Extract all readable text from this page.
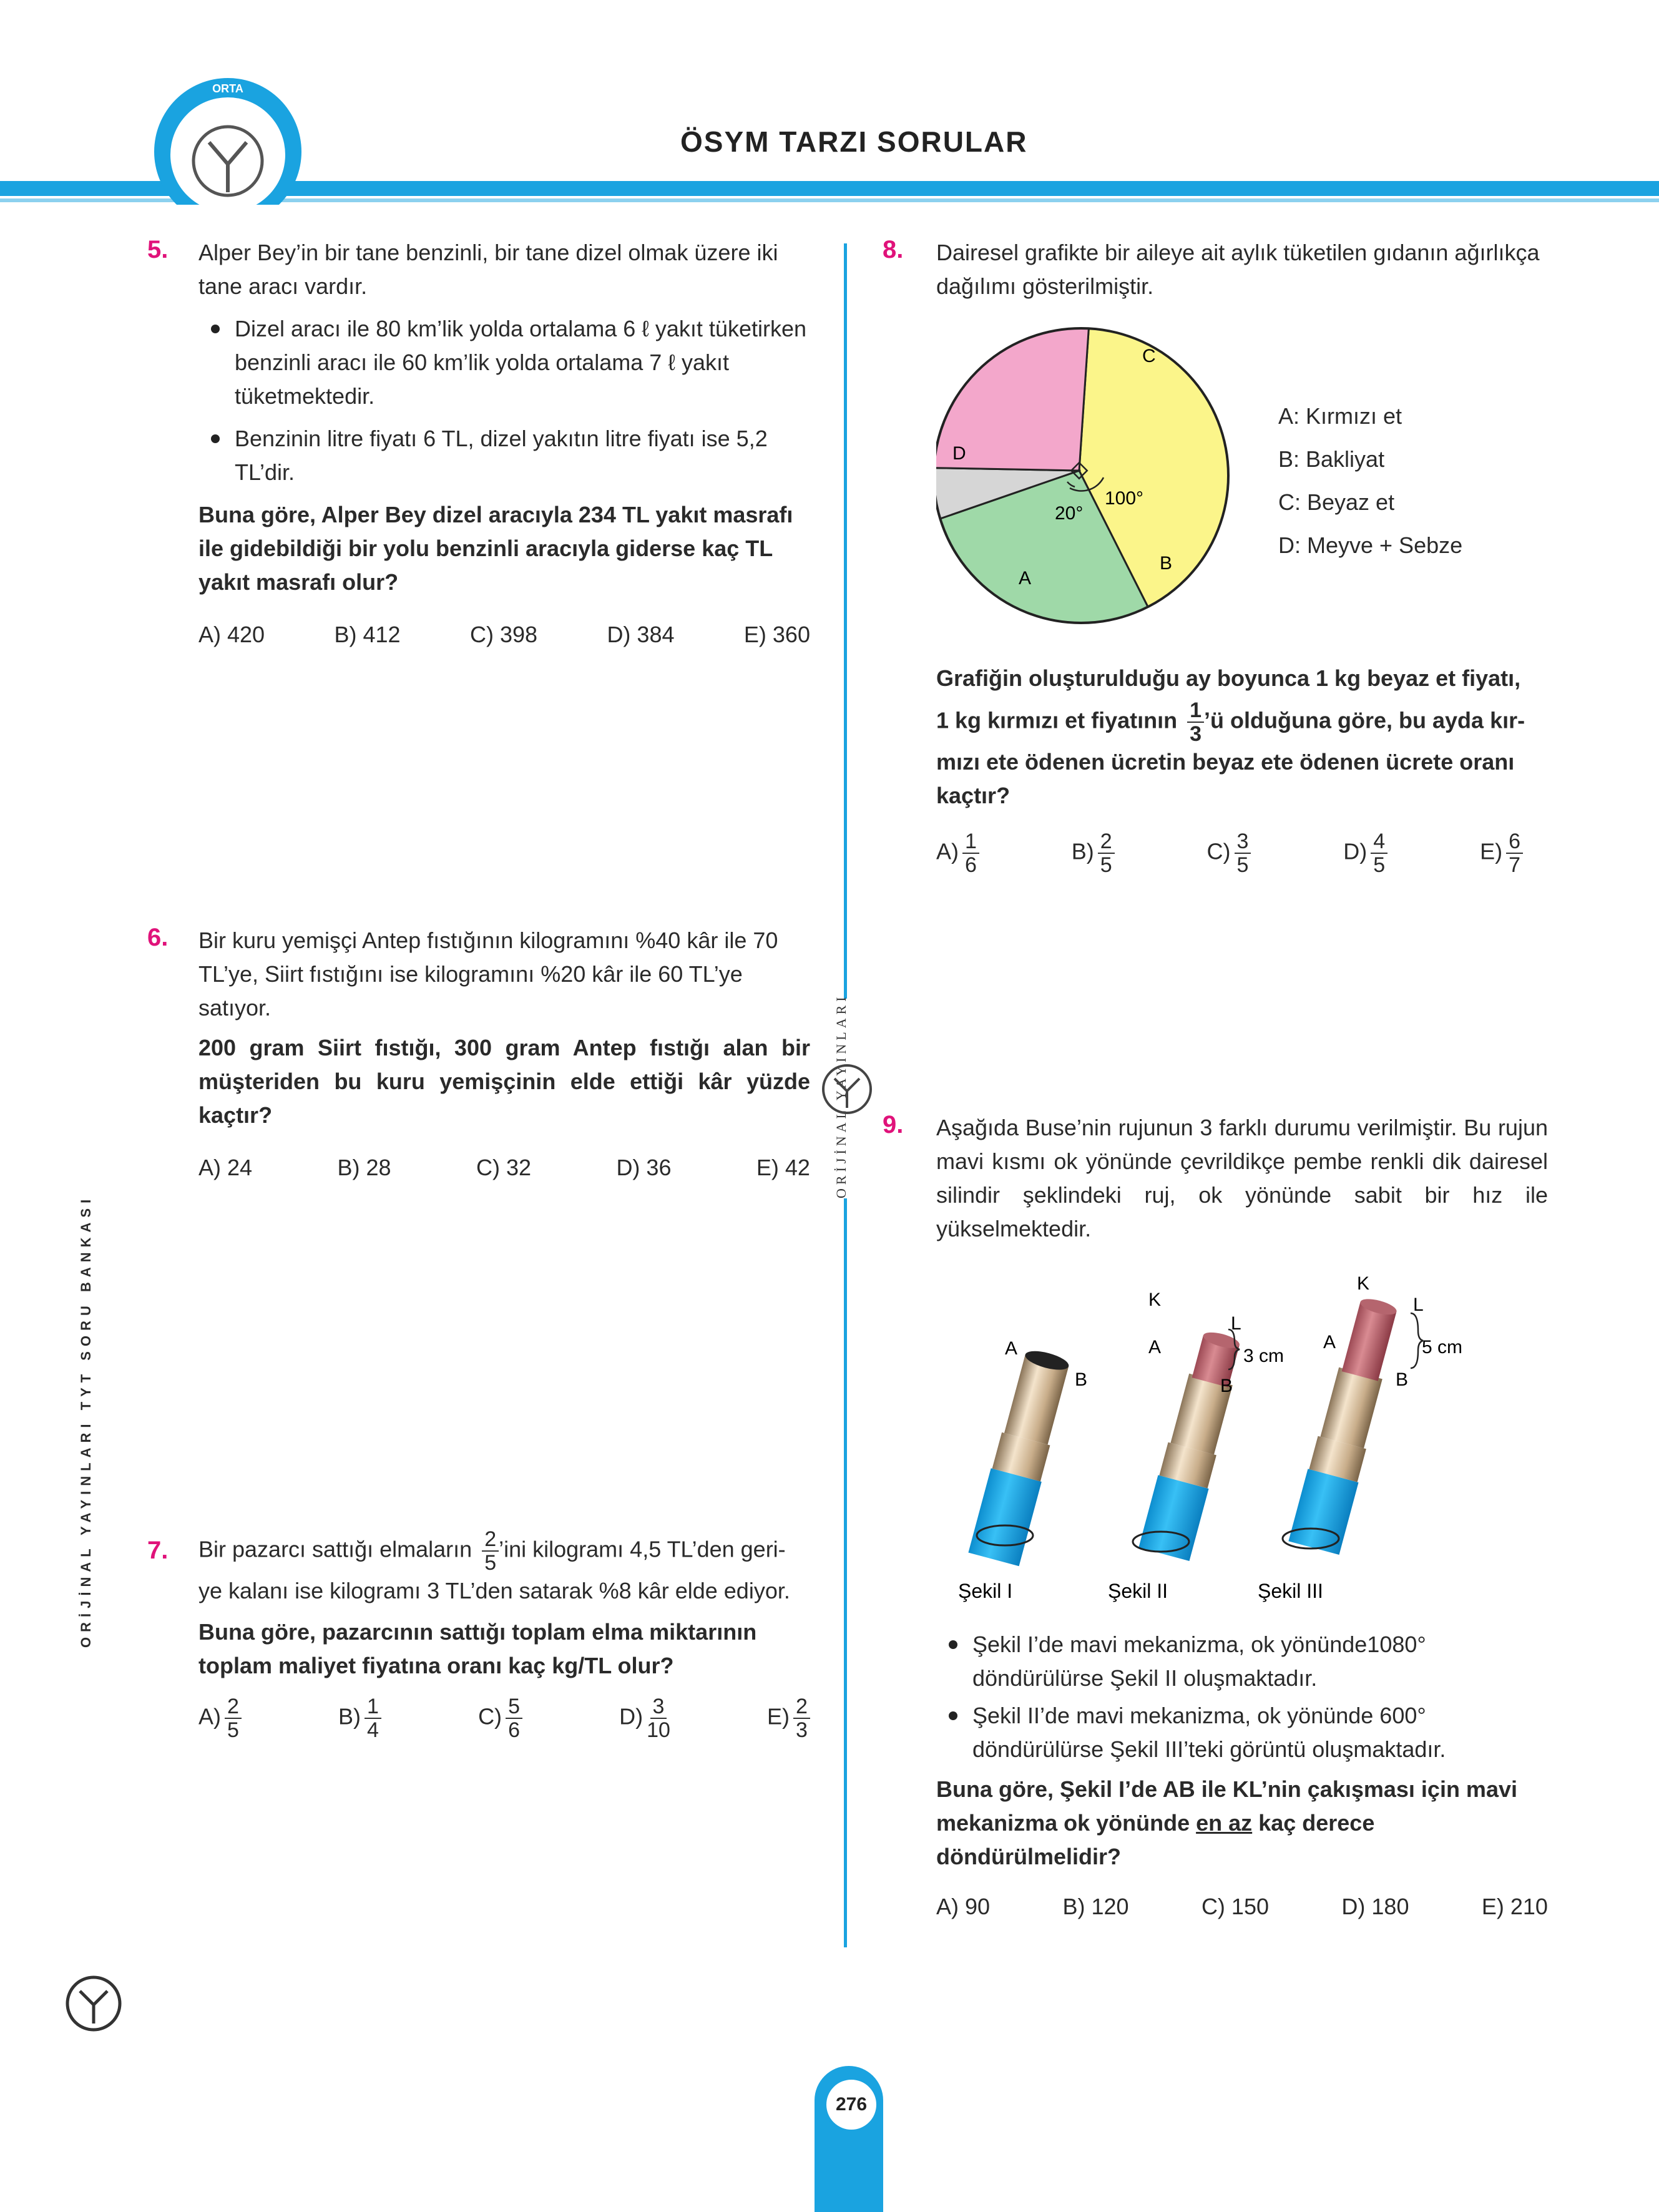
ORTA
ÖSYM TARZI SORULAR
ORİJİNAL YAYINLARI
ORİJİNAL YAYINLARI TYT SORU BANKASI
5. Alper Bey’in bir tane benzinli, bir tane dizel olmak üzere iki tane aracı vardır.
Dizel aracı ile 80 km’lik yolda ortalama 6 ℓ yakıt tüketirken benzinli aracı ile 60 km’lik yolda ortalama 7 ℓ yakıt tüketmektedir.
Benzinin litre fiyatı 6 TL, dizel yakıtın litre fiyatı ise 5,2 TL’dir.
Buna göre, Alper Bey dizel aracıyla 234 TL yakıt masrafı ile gidebildiği bir yolu benzinli aracıyla giderse kaç TL yakıt masrafı olur?
A) 420	B) 412	C) 398	D) 384	E) 360
6. Bir kuru yemişçi Antep fıstığının kilogramını %40 kâr ile 70 TL’ye, Siirt fıstığını ise kilogramını %20 kâr ile 60 TL’ye satıyor.
200 gram Siirt fıstığı, 300 gram Antep fıstığı alan bir müşteriden bu kuru yemişçinin elde ettiği kâr yüzde kaçtır?
A) 24	B) 28	C) 32	D) 36	E) 42
7. Bir pazarcı sattığı elmaların $\frac{2}{5}$ ’ini kilogramı 4,5 TL’den geri-
ye kalanı ise kilogramı 3 TL’den satarak %8 kâr elde ediyor.
Buna göre, pazarcının sattığı toplam elma miktarının toplam maliyet fiyatına oranı kaç kg/TL olur?
$A) \frac{2}{5}$	$B) \frac{1}{4}$	$C) \frac{5}{6}$	$D) \frac{3}{10}$	$E) \frac{2}{3}$
8. Dairesel grafikte bir aileye ait aylık tüketilen gıdanın ağırlıkça dağılımı gösterilmiştir.
20°
100°
C
B
A
D
A: Kırmızı et
B: Bakliyat
C: Beyaz et
D: Meyve + Sebze
Grafiğin oluşturulduğu ay boyunca 1 kg beyaz et fiyatı,
1 kg kırmızı et fiyatının $\frac{1}{3}$ ’ü olduğuna göre, bu ayda kır-
mızı ete ödenen ücretin beyaz ete ödenen ücrete oranı kaçtır?
$A) \frac{1}{6}$	$B) \frac{2}{5}$	$C) \frac{3}{5}$	$D) \frac{4}{5}$	$E) \frac{6}{7}$
9. Aşağıda Buse’nin rujunun 3 farklı durumu verilmiştir. Bu rujun mavi kısmı ok yönünde çevrildikçe pembe renkli dik dairesel silindir şeklindeki ruj, ok yönünde sabit bir hız ile yükselmektedir.
A
B
Şekil I
K
L
A
B
3 cm
Şekil II
K
L
A
B
5 cm
Şekil III
Şekil I’de mavi mekanizma, ok yönünde1080° döndürülürse Şekil II oluşmaktadır.
Şekil II’de mavi mekanizma, ok yönünde 600° döndürülürse Şekil III’teki görüntü oluşmaktadır.
Buna göre, Şekil I’de AB ile KL’nin çakışması için mavi mekanizma ok yönünde en az kaç derece döndürülmelidir?
A) 90	B) 120	C) 150	D) 180	E) 210
276
